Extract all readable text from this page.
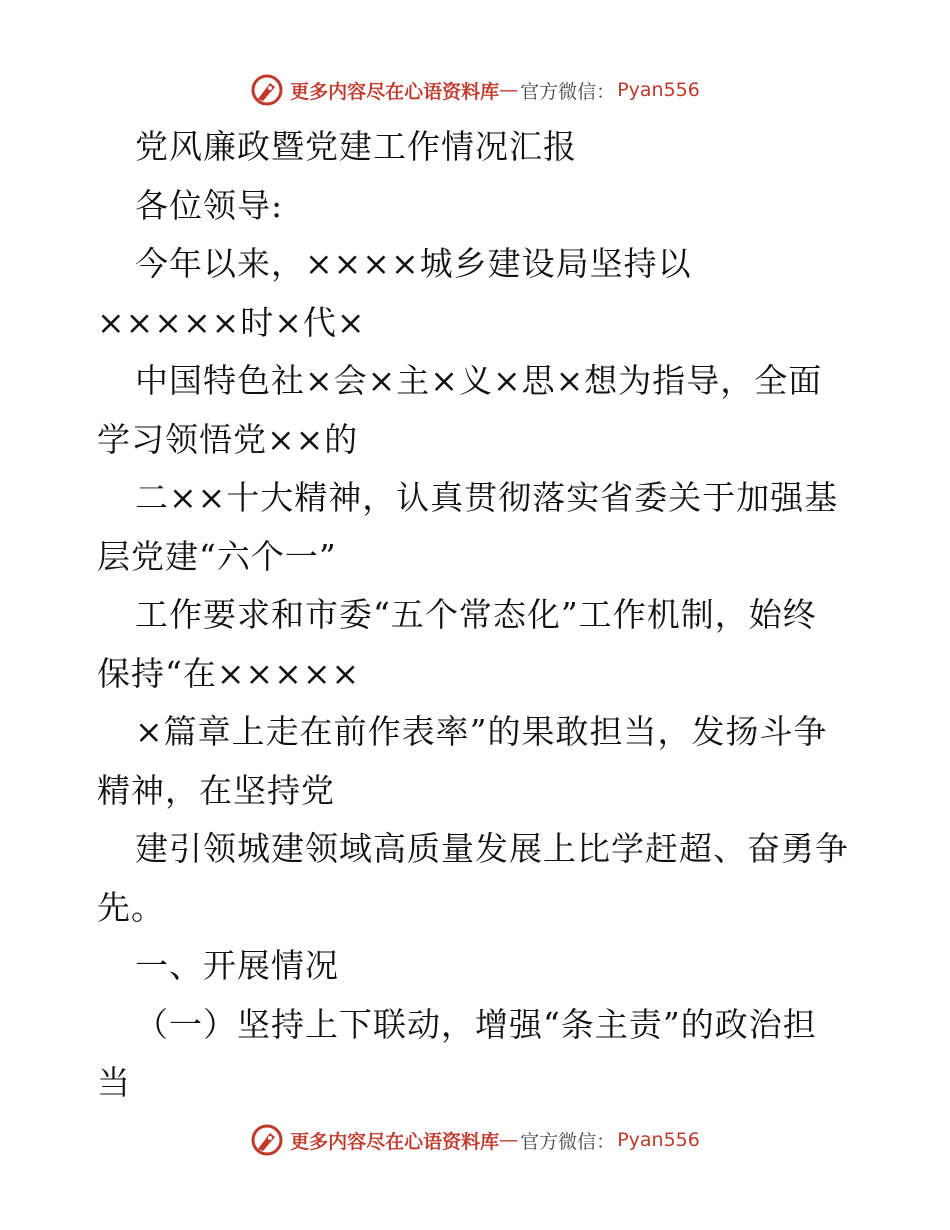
更多内容尽在心语资料库 — 官方微信： Pyan556
党风廉政暨党建工作情况汇报
各位领导:
今年以来，××××城乡建设局坚持以
×××××时×代×
中国特色社×会×主×义×思×想为指导，全面
学习领悟党××的
二××十大精神，认真贯彻落实省委关于加强基
层党建“六个一”
工作要求和市委“五个常态化”工作机制，始终
保持“在×××××
×篇章上走在前作表率”的果敢担当，发扬斗争
精神，在坚持党
建引领城建领域高质量发展上比学赶超、奋勇争
先。
一、开展情况
（一）坚持上下联动，增强“条主责”的政治担
当
更多内容尽在心语资料库 — 官方微信： Pyan556
